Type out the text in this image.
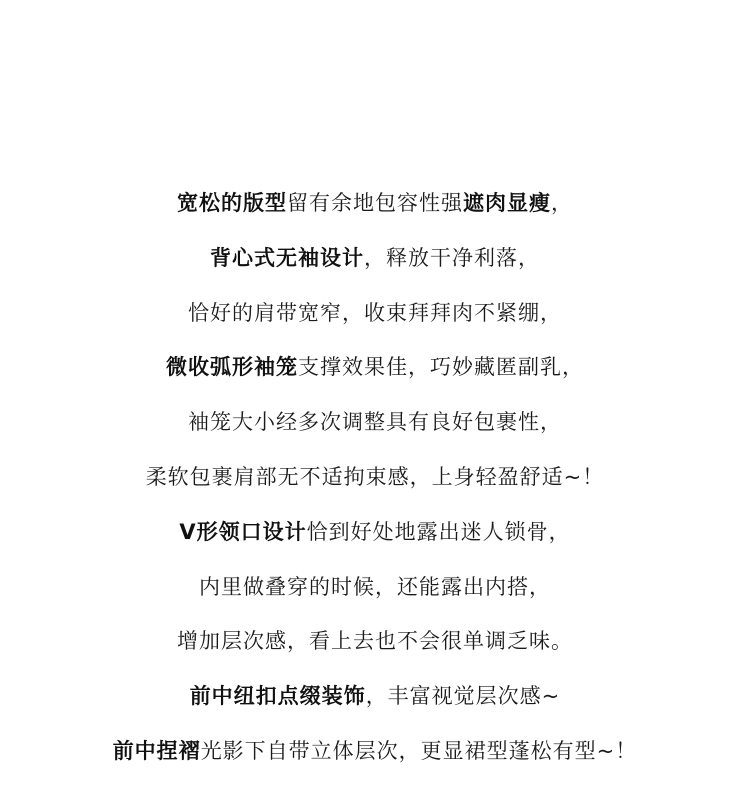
宽松的版型留有余地包容性强遮肉显瘦，
背心式无袖设计，释放干净利落，
恰好的肩带宽窄，收束拜拜肉不紧绷，
微收弧形袖笼支撑效果佳，巧妙藏匿副乳，
袖笼大小经多次调整具有良好包裹性，
柔软包裹肩部无不适拘束感，上身轻盈舒适~！
V形领口设计恰到好处地露出迷人锁骨，
内里做叠穿的时候，还能露出内搭，
增加层次感，看上去也不会很单调乏味。
前中纽扣点缀装饰，丰富视觉层次感~
前中捏褶光影下自带立体层次，更显裙型蓬松有型~！
